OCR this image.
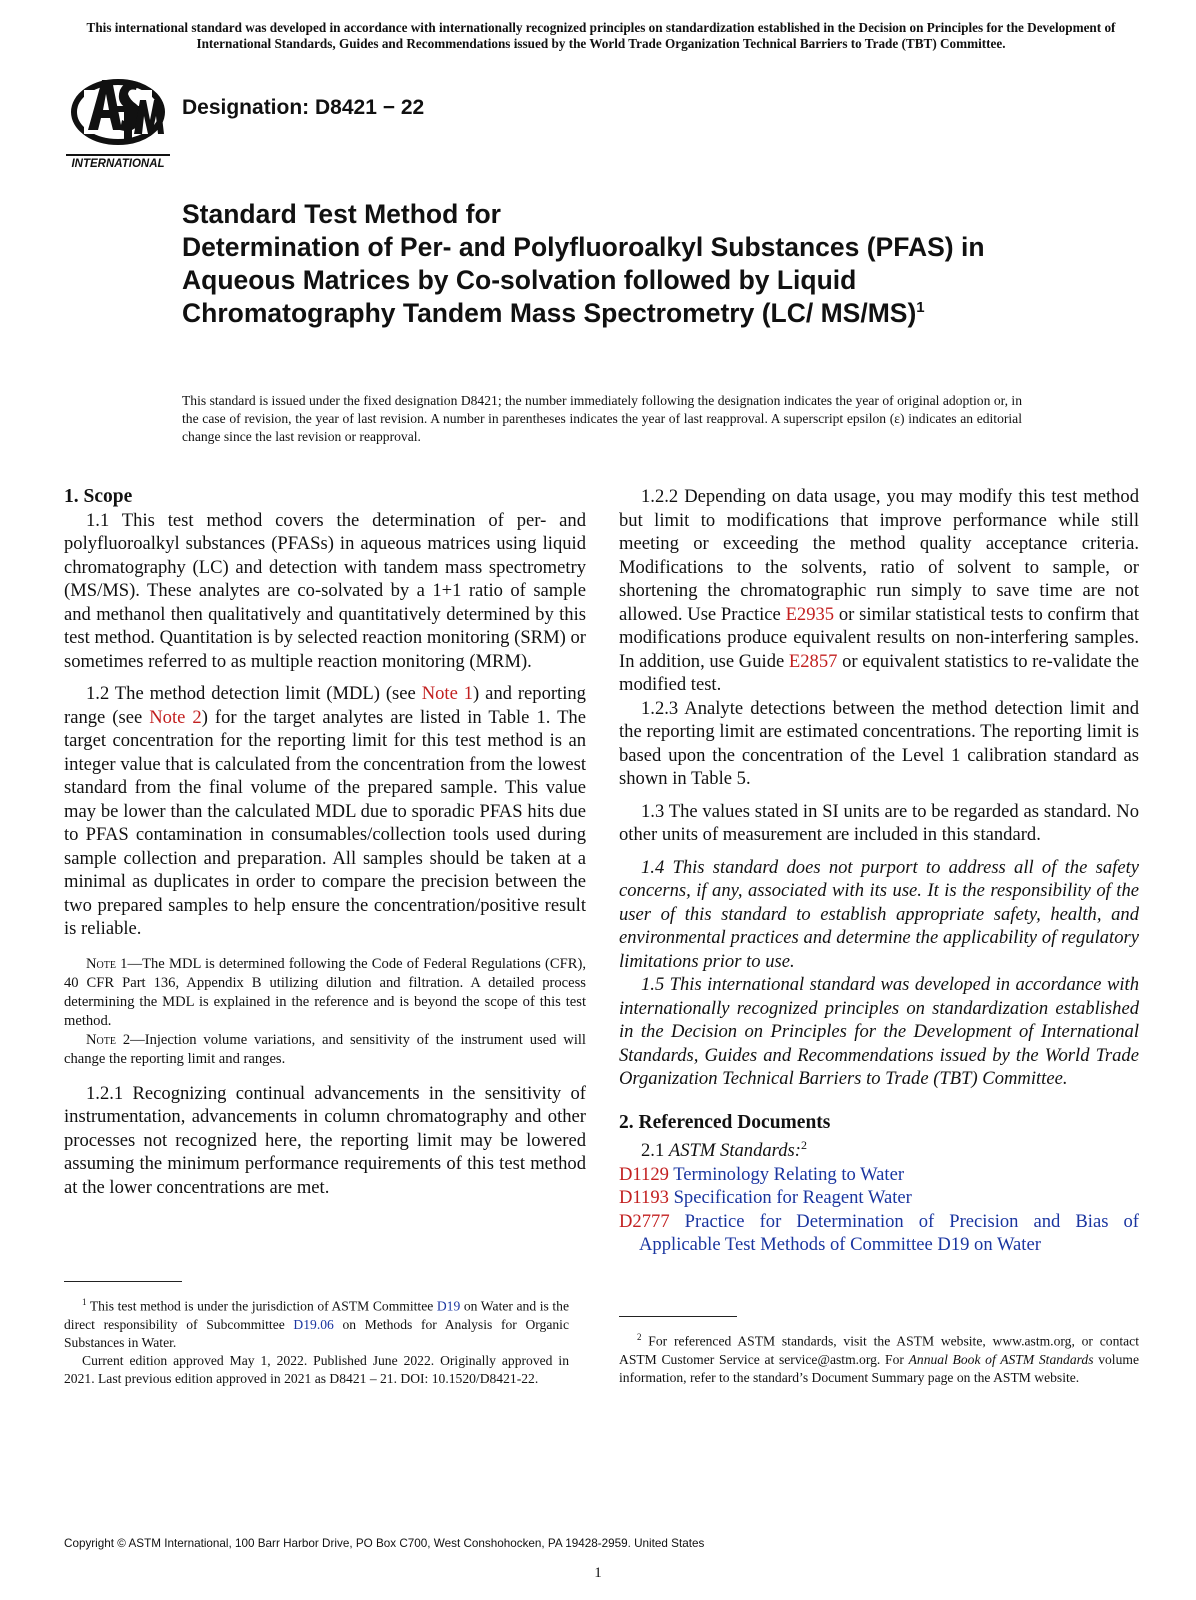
This international standard was developed in accordance with internationally recognized principles on standardization established in the Decision on Principles for the Development of International Standards, Guides and Recommendations issued by the World Trade Organization Technical Barriers to Trade (TBT) Committee.
INTERNATIONAL
Designation: D8421 − 22
Standard Test Method for
Determination of Per- and Polyfluoroalkyl Substances (PFAS) in Aqueous Matrices by Co-solvation followed by Liquid Chromatography Tandem Mass Spectrometry (LC/ MS/MS)$^1$
This standard is issued under the fixed designation D8421; the number immediately following the designation indicates the year of original adoption or, in the case of revision, the year of last revision. A number in parentheses indicates the year of last reapproval. A superscript epsilon (ε) indicates an editorial change since the last revision or reapproval.

1. Scope

1.1 This test method covers the determination of per- and polyfluoroalkyl substances (PFASs) in aqueous matrices using liquid chromatography (LC) and detection with tandem mass spectrometry (MS/MS). These analytes are co-solvated by a 1+1 ratio of sample and methanol then qualitatively and quantitatively determined by this test method. Quantitation is by selected reaction monitoring (SRM) or sometimes referred to as multiple reaction monitoring (MRM).

1.2 The method detection limit (MDL) (see Note 1) and reporting range (see Note 2) for the target analytes are listed in Table 1. The target concentration for the reporting limit for this test method is an integer value that is calculated from the concentration from the lowest standard from the final volume of the prepared sample. This value may be lower than the calculated MDL due to sporadic PFAS hits due to PFAS contamination in consumables/collection tools used during sample collection and preparation. All samples should be taken at a minimal as duplicates in order to compare the precision between the two prepared samples to help ensure the concentration/positive result is reliable.

Note 1—The MDL is determined following the Code of Federal Regulations (CFR), 40 CFR Part 136, Appendix B utilizing dilution and filtration. A detailed process determining the MDL is explained in the reference and is beyond the scope of this test method.

Note 2—Injection volume variations, and sensitivity of the instrument used will change the reporting limit and ranges.

1.2.1 Recognizing continual advancements in the sensitivity of instrumentation, advancements in column chromatography and other processes not recognized here, the reporting limit may be lowered assuming the minimum performance requirements of this test method at the lower concentrations are met.

$^1$ This test method is under the jurisdiction of ASTM Committee D19 on Water and is the direct responsibility of Subcommittee D19.06 on Methods for Analysis for Organic Substances in Water.

Current edition approved May 1, 2022. Published June 2022. Originally approved in 2021. Last previous edition approved in 2021 as D8421 – 21. DOI: 10.1520/D8421-22.

1.2.2 Depending on data usage, you may modify this test method but limit to modifications that improve performance while still meeting or exceeding the method quality acceptance criteria. Modifications to the solvents, ratio of solvent to sample, or shortening the chromatographic run simply to save time are not allowed. Use Practice E2935 or similar statistical tests to confirm that modifications produce equivalent results on non-interfering samples. In addition, use Guide E2857 or equivalent statistics to re-validate the modified test.

1.2.3 Analyte detections between the method detection limit and the reporting limit are estimated concentrations. The reporting limit is based upon the concentration of the Level 1 calibration standard as shown in Table 5.

1.3 The values stated in SI units are to be regarded as standard. No other units of measurement are included in this standard.

1.4 This standard does not purport to address all of the safety concerns, if any, associated with its use. It is the responsibility of the user of this standard to establish appropriate safety, health, and environmental practices and determine the applicability of regulatory limitations prior to use.

1.5 This international standard was developed in accordance with internationally recognized principles on standardization established in the Decision on Principles for the Development of International Standards, Guides and Recommendations issued by the World Trade Organization Technical Barriers to Trade (TBT) Committee.

2. Referenced Documents

2.1 ASTM Standards:$^2$

D1129 Terminology Relating to Water

D1193 Specification for Reagent Water

D2777 Practice for Determination of Precision and Bias of Applicable Test Methods of Committee D19 on Water

$^2$ For referenced ASTM standards, visit the ASTM website, www.astm.org, or contact ASTM Customer Service at service@astm.org. For Annual Book of ASTM Standards volume information, refer to the standard’s Document Summary page on the ASTM website.

Copyright © ASTM International, 100 Barr Harbor Drive, PO Box C700, West Conshohocken, PA 19428-2959. United States
1
